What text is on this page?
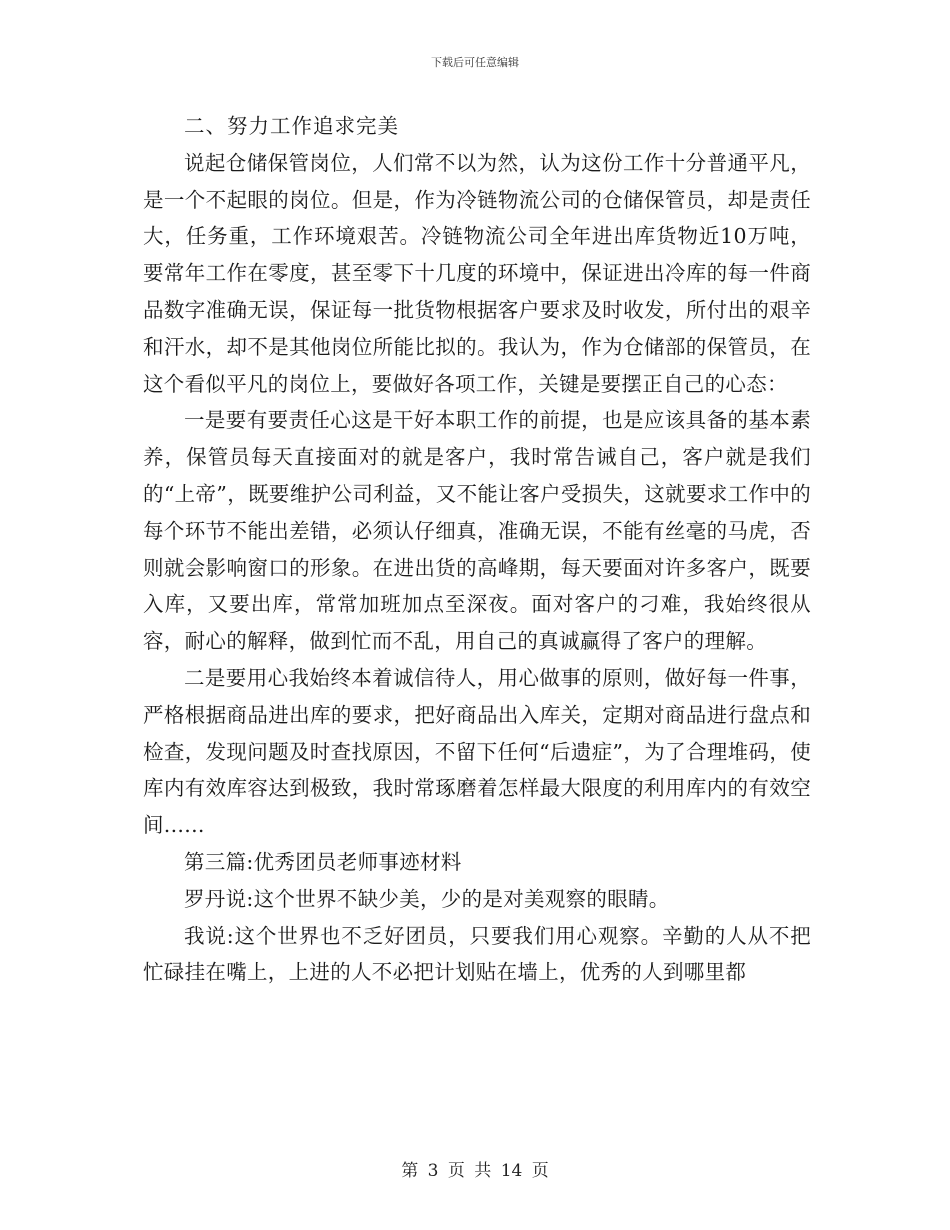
下载后可任意编辑

二、努力工作追求完美

说起仓储保管岗位，人们常不以为然，认为这份工作十分普通平凡，是一个不起眼的岗位。但是，作为冷链物流公司的仓储保管员，却是责任大，任务重，工作环境艰苦。冷链物流公司全年进出库货物近10万吨，要常年工作在零度，甚至零下十几度的环境中，保证进出冷库的每一件商品数字准确无误，保证每一批货物根据客户要求及时收发，所付出的艰辛和汗水，却不是其他岗位所能比拟的。我认为，作为仓储部的保管员，在这个看似平凡的岗位上，要做好各项工作，关键是要摆正自己的心态：

一是要有要责任心这是干好本职工作的前提，也是应该具备的基本素养，保管员每天直接面对的就是客户，我时常告诫自己，客户就是我们的“上帝”，既要维护公司利益，又不能让客户受损失，这就要求工作中的每个环节不能出差错，必须认仔细真，准确无误，不能有丝毫的马虎，否则就会影响窗口的形象。在进出货的高峰期，每天要面对许多客户，既要入库，又要出库，常常加班加点至深夜。面对客户的刁难，我始终很从容，耐心的解释，做到忙而不乱，用自己的真诚赢得了客户的理解。

二是要用心我始终本着诚信待人，用心做事的原则，做好每一件事，严格根据商品进出库的要求，把好商品出入库关，定期对商品进行盘点和检查，发现问题及时查找原因，不留下任何“后遗症”，为了合理堆码，使库内有效库容达到极致，我时常琢磨着怎样最大限度的利用库内的有效空间......

第三篇:优秀团员老师事迹材料

罗丹说:这个世界不缺少美，少的是对美观察的眼睛。

我说:这个世界也不乏好团员，只要我们用心观察。辛勤的人从不把忙碌挂在嘴上，上进的人不必把计划贴在墙上，优秀的人到哪里都

第 3 页 共 14 页
